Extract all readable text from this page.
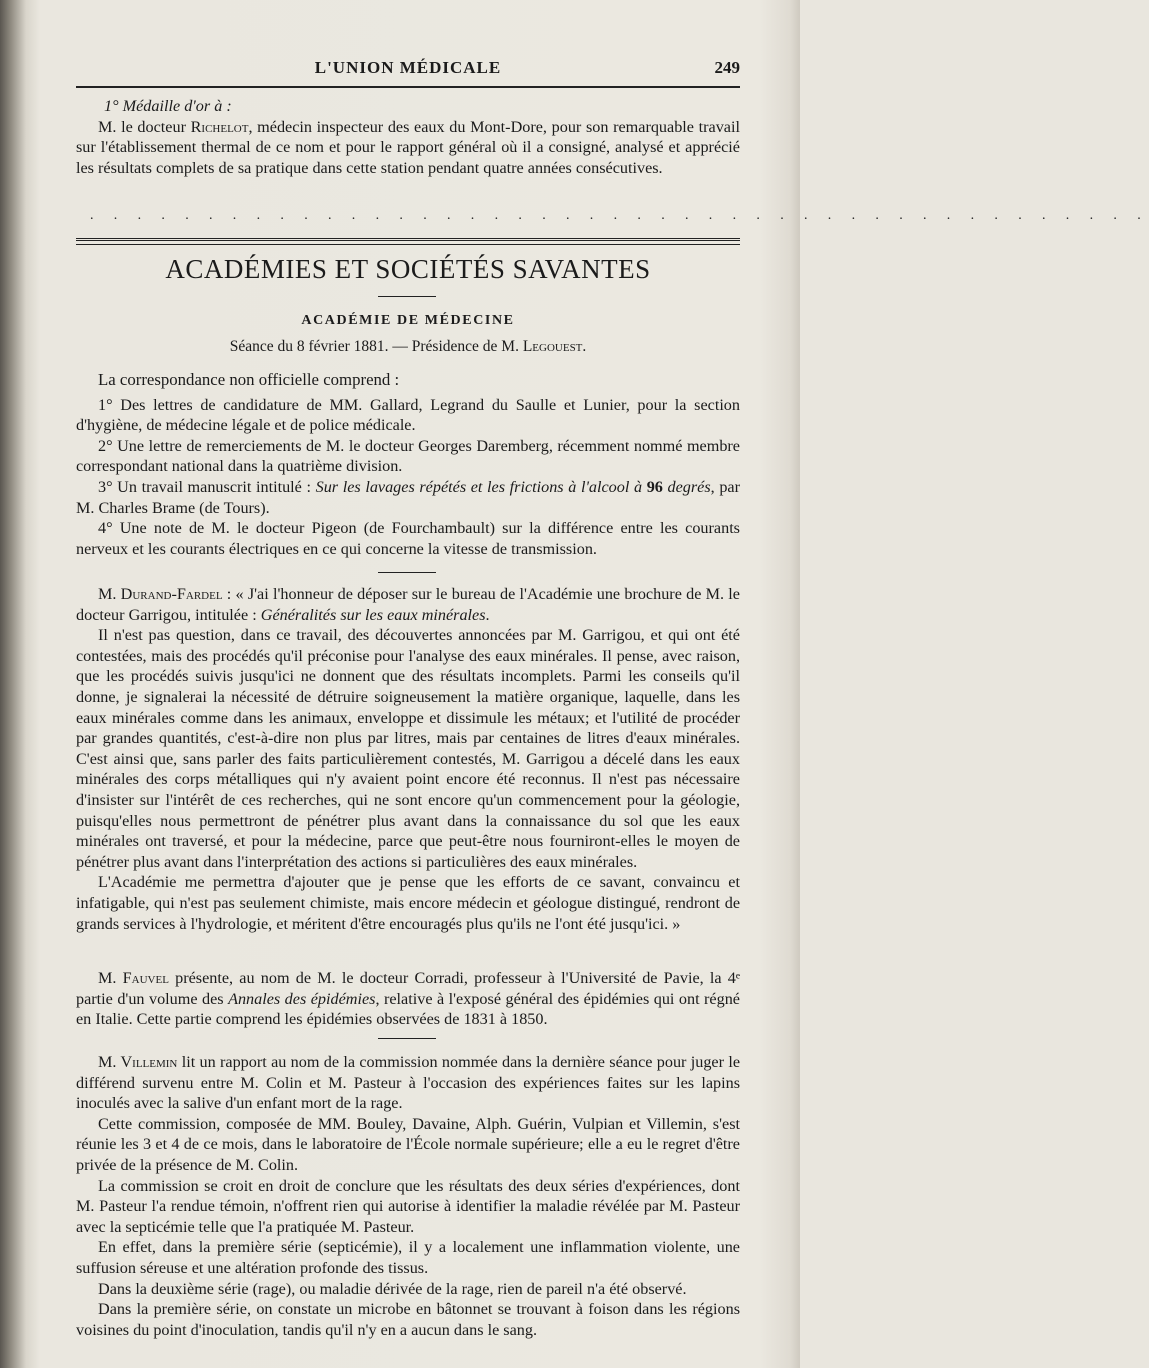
L'UNION MÉDICALE	249

1° Médaille d'or à :

M. le docteur Richelot, médecin inspecteur des eaux du Mont-Dore, pour son remarquable travail sur l'établissement thermal de ce nom et pour le rapport général où il a consigné, analysé et apprécié les résultats complets de sa pratique dans cette station pendant quatre années consécutives.

. . . . . . . . . . . . . . . . . . . . . . . . . . . . . . . . . . . . . . . . . . . . .
ACADÉMIES ET SOCIÉTÉS SAVANTES
ACADÉMIE DE MÉDECINE
Séance du 8 février 1881. — Présidence de M. Legouest.

La correspondance non officielle comprend :

1° Des lettres de candidature de MM. Gallard, Legrand du Saulle et Lunier, pour la section d'hygiène, de médecine légale et de police médicale.

2° Une lettre de remerciements de M. le docteur Georges Daremberg, récemment nommé membre correspondant national dans la quatrième division.

3° Un travail manuscrit intitulé : Sur les lavages répétés et les frictions à l'alcool à 96 degrés, par M. Charles Brame (de Tours).

4° Une note de M. le docteur Pigeon (de Fourchambault) sur la différence entre les courants nerveux et les courants électriques en ce qui concerne la vitesse de transmission.

M. Durand-Fardel : « J'ai l'honneur de déposer sur le bureau de l'Académie une brochure de M. le docteur Garrigou, intitulée : Généralités sur les eaux minérales.

Il n'est pas question, dans ce travail, des découvertes annoncées par M. Garrigou, et qui ont été contestées, mais des procédés qu'il préconise pour l'analyse des eaux minérales. Il pense, avec raison, que les procédés suivis jusqu'ici ne donnent que des résultats incomplets. Parmi les conseils qu'il donne, je signalerai la nécessité de détruire soigneusement la matière organique, laquelle, dans les eaux minérales comme dans les animaux, enveloppe et dissimule les métaux; et l'utilité de procéder par grandes quantités, c'est-à-dire non plus par litres, mais par centaines de litres d'eaux minérales. C'est ainsi que, sans parler des faits particulièrement contestés, M. Garrigou a décelé dans les eaux minérales des corps métalliques qui n'y avaient point encore été reconnus. Il n'est pas nécessaire d'insister sur l'intérêt de ces recherches, qui ne sont encore qu'un commencement pour la géologie, puisqu'elles nous permettront de pénétrer plus avant dans la connaissance du sol que les eaux minérales ont traversé, et pour la médecine, parce que peut-être nous fourniront-elles le moyen de pénétrer plus avant dans l'interprétation des actions si particulières des eaux minérales.

L'Académie me permettra d'ajouter que je pense que les efforts de ce savant, convaincu et infatigable, qui n'est pas seulement chimiste, mais encore médecin et géologue distingué, rendront de grands services à l'hydrologie, et méritent d'être encouragés plus qu'ils ne l'ont été jusqu'ici. »

M. Fauvel présente, au nom de M. le docteur Corradi, professeur à l'Université de Pavie, la 4ᵉ partie d'un volume des Annales des épidémies, relative à l'exposé général des épidémies qui ont régné en Italie. Cette partie comprend les épidémies observées de 1831 à 1850.

M. Villemin lit un rapport au nom de la commission nommée dans la dernière séance pour juger le différend survenu entre M. Colin et M. Pasteur à l'occasion des expériences faites sur les lapins inoculés avec la salive d'un enfant mort de la rage.

Cette commission, composée de MM. Bouley, Davaine, Alph. Guérin, Vulpian et Villemin, s'est réunie les 3 et 4 de ce mois, dans le laboratoire de l'École normale supérieure; elle a eu le regret d'être privée de la présence de M. Colin.

La commission se croit en droit de conclure que les résultats des deux séries d'expériences, dont M. Pasteur l'a rendue témoin, n'offrent rien qui autorise à identifier la maladie révélée par M. Pasteur avec la septicémie telle que l'a pratiquée M. Pasteur.

En effet, dans la première série (septicémie), il y a localement une inflammation violente, une suffusion séreuse et une altération profonde des tissus.

Dans la deuxième série (rage), ou maladie dérivée de la rage, rien de pareil n'a été observé.

Dans la première série, on constate un microbe en bâtonnet se trouvant à foison dans les régions voisines du point d'inoculation, tandis qu'il n'y en a aucun dans le sang.
